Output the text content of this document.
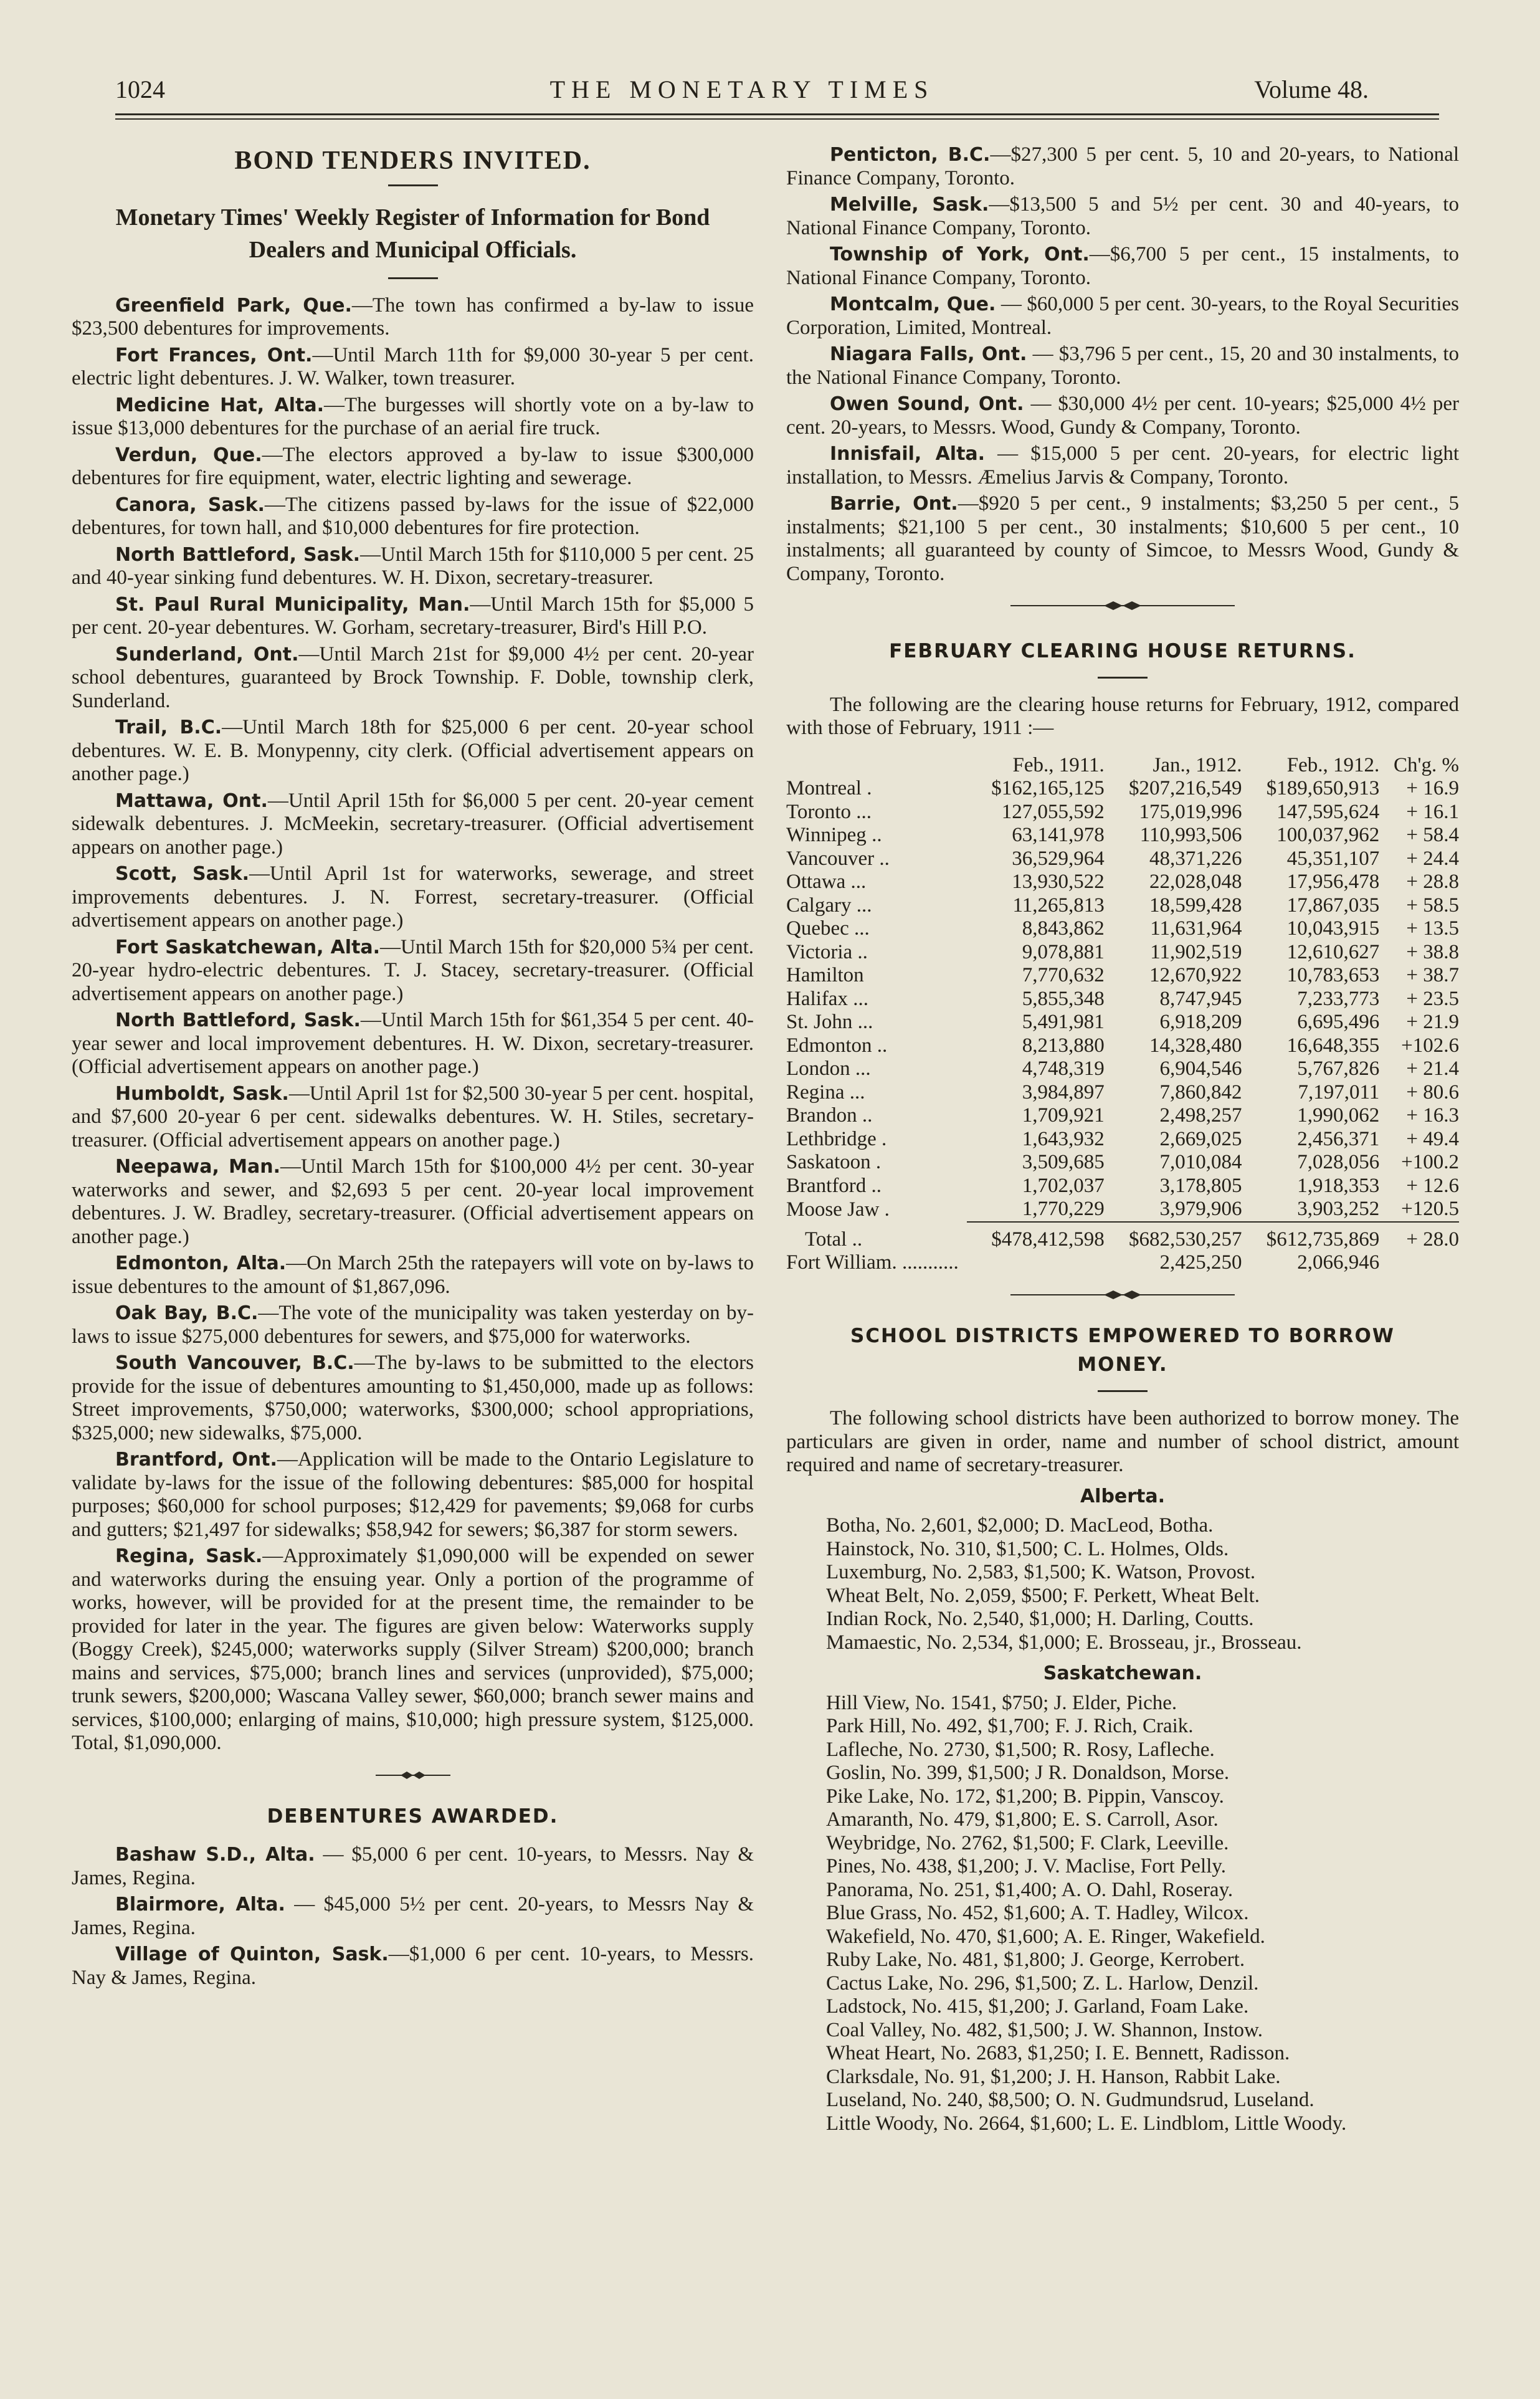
1024	THE MONETARY TIMES	Volume 48.
BOND TENDERS INVITED.
Monetary Times' Weekly Register of Information for Bond Dealers and Municipal Officials.

Greenfield Park, Que.—The town has confirmed a by-law to issue $23,500 debentures for improvements.

Fort Frances, Ont.—Until March 11th for $9,000 30-year 5 per cent. electric light debentures. J. W. Walker, town treasurer.

Medicine Hat, Alta.—The burgesses will shortly vote on a by-law to issue $13,000 debentures for the purchase of an aerial fire truck.

Verdun, Que.—The electors approved a by-law to issue $300,000 debentures for fire equipment, water, electric lighting and sewerage.

Canora, Sask.—The citizens passed by-laws for the issue of $22,000 debentures, for town hall, and $10,000 debentures for fire protection.

North Battleford, Sask.—Until March 15th for $110,000 5 per cent. 25 and 40-year sinking fund debentures. W. H. Dixon, secretary-treasurer.

St. Paul Rural Municipality, Man.—Until March 15th for $5,000 5 per cent. 20-year debentures. W. Gorham, secretary-treasurer, Bird's Hill P.O.

Sunderland, Ont.—Until March 21st for $9,000 4½ per cent. 20-year school debentures, guaranteed by Brock Township. F. Doble, township clerk, Sunderland.

Trail, B.C.—Until March 18th for $25,000 6 per cent. 20-year school debentures. W. E. B. Monypenny, city clerk. (Official advertisement appears on another page.)

Mattawa, Ont.—Until April 15th for $6,000 5 per cent. 20-year cement sidewalk debentures. J. McMeekin, secretary-treasurer. (Official advertisement appears on another page.)

Scott, Sask.—Until April 1st for waterworks, sewerage, and street improvements debentures. J. N. Forrest, secretary-treasurer. (Official advertisement appears on another page.)

Fort Saskatchewan, Alta.—Until March 15th for $20,000 5¾ per cent. 20-year hydro-electric debentures. T. J. Stacey, secretary-treasurer. (Official advertisement appears on another page.)

North Battleford, Sask.—Until March 15th for $61,354 5 per cent. 40-year sewer and local improvement debentures. H. W. Dixon, secretary-treasurer. (Official advertisement appears on another page.)

Humboldt, Sask.—Until April 1st for $2,500 30-year 5 per cent. hospital, and $7,600 20-year 6 per cent. sidewalks debentures. W. H. Stiles, secretary-treasurer. (Official advertisement appears on another page.)

Neepawa, Man.—Until March 15th for $100,000 4½ per cent. 30-year waterworks and sewer, and $2,693 5 per cent. 20-year local improvement debentures. J. W. Bradley, secretary-treasurer. (Official advertisement appears on another page.)

Edmonton, Alta.—On March 25th the ratepayers will vote on by-laws to issue debentures to the amount of $1,867,096.

Oak Bay, B.C.—The vote of the municipality was taken yesterday on by-laws to issue $275,000 debentures for sewers, and $75,000 for waterworks.

South Vancouver, B.C.—The by-laws to be submitted to the electors provide for the issue of debentures amounting to $1,450,000, made up as follows: Street improvements, $750,000; waterworks, $300,000; school appropriations, $325,000; new sidewalks, $75,000.

Brantford, Ont.—Application will be made to the Ontario Legislature to validate by-laws for the issue of the following debentures: $85,000 for hospital purposes; $60,000 for school purposes; $12,429 for pavements; $9,068 for curbs and gutters; $21,497 for sidewalks; $58,942 for sewers; $6,387 for storm sewers.

Regina, Sask.—Approximately $1,090,000 will be expended on sewer and waterworks during the ensuing year. Only a portion of the programme of works, however, will be provided for at the present time, the remainder to be provided for later in the year. The figures are given below: Waterworks supply (Boggy Creek), $245,000; waterworks supply (Silver Stream) $200,000; branch mains and services, $75,000; branch lines and services (unprovided), $75,000; trunk sewers, $200,000; Wascana Valley sewer, $60,000; branch sewer mains and services, $100,000; enlarging of mains, $10,000; high pressure system, $125,000. Total, $1,090,000.

DEBENTURES AWARDED.

Bashaw S.D., Alta. — $5,000 6 per cent. 10-years, to Messrs. Nay & James, Regina.

Blairmore, Alta. — $45,000 5½ per cent. 20-years, to Messrs Nay & James, Regina.

Village of Quinton, Sask.—$1,000 6 per cent. 10-years, to Messrs. Nay & James, Regina.

Penticton, B.C.—$27,300 5 per cent. 5, 10 and 20-years, to National Finance Company, Toronto.

Melville, Sask.—$13,500 5 and 5½ per cent. 30 and 40-years, to National Finance Company, Toronto.

Township of York, Ont.—$6,700 5 per cent., 15 instalments, to National Finance Company, Toronto.

Montcalm, Que. — $60,000 5 per cent. 30-years, to the Royal Securities Corporation, Limited, Montreal.

Niagara Falls, Ont. — $3,796 5 per cent., 15, 20 and 30 instalments, to the National Finance Company, Toronto.

Owen Sound, Ont. — $30,000 4½ per cent. 10-years; $25,000 4½ per cent. 20-years, to Messrs. Wood, Gundy & Company, Toronto.

Innisfail, Alta. — $15,000 5 per cent. 20-years, for electric light installation, to Messrs. Æmelius Jarvis & Company, Toronto.

Barrie, Ont.—$920 5 per cent., 9 instalments; $3,250 5 per cent., 5 instalments; $21,100 5 per cent., 30 instalments; $10,600 5 per cent., 10 instalments; all guaranteed by county of Simcoe, to Messrs Wood, Gundy & Company, Toronto.

FEBRUARY CLEARING HOUSE RETURNS.

The following are the clearing house returns for February, 1912, compared with those of February, 1911 :—

	Feb., 1911.	Jan., 1912.	Feb., 1912.	Ch'g. %
Montreal .	$162,165,125	$207,216,549	$189,650,913	+ 16.9
Toronto ...	127,055,592	175,019,996	147,595,624	+ 16.1
Winnipeg ..	63,141,978	110,993,506	100,037,962	+ 58.4
Vancouver ..	36,529,964	48,371,226	45,351,107	+ 24.4
Ottawa ...	13,930,522	22,028,048	17,956,478	+ 28.8
Calgary ...	11,265,813	18,599,428	17,867,035	+ 58.5
Quebec ...	8,843,862	11,631,964	10,043,915	+ 13.5
Victoria ..	9,078,881	11,902,519	12,610,627	+ 38.8
Hamilton	7,770,632	12,670,922	10,783,653	+ 38.7
Halifax ...	5,855,348	8,747,945	7,233,773	+ 23.5
St. John ...	5,491,981	6,918,209	6,695,496	+ 21.9
Edmonton ..	8,213,880	14,328,480	16,648,355	+102.6
London ...	4,748,319	6,904,546	5,767,826	+ 21.4
Regina ...	3,984,897	7,860,842	7,197,011	+ 80.6
Brandon ..	1,709,921	2,498,257	1,990,062	+ 16.3
Lethbridge .	1,643,932	2,669,025	2,456,371	+ 49.4
Saskatoon .	3,509,685	7,010,084	7,028,056	+100.2
Brantford ..	1,702,037	3,178,805	1,918,353	+ 12.6
Moose Jaw .	1,770,229	3,979,906	3,903,252	+120.5

Total ..	$478,412,598	$682,530,257	$612,735,869	+ 28.0
Fort William. ...........		2,425,250	2,066,946	
SCHOOL DISTRICTS EMPOWERED TO BORROW MONEY.

The following school districts have been authorized to borrow money. The particulars are given in order, name and number of school district, amount required and name of secretary-treasurer.

Alberta.
Botha, No. 2,601, $2,000; D. MacLeod, Botha.
Hainstock, No. 310, $1,500; C. L. Holmes, Olds.
Luxemburg, No. 2,583, $1,500; K. Watson, Provost.
Wheat Belt, No. 2,059, $500; F. Perkett, Wheat Belt.
Indian Rock, No. 2,540, $1,000; H. Darling, Coutts.
Mamaestic, No. 2,534, $1,000; E. Brosseau, jr., Brosseau.
Saskatchewan.
Hill View, No. 1541, $750; J. Elder, Piche.
Park Hill, No. 492, $1,700; F. J. Rich, Craik.
Lafleche, No. 2730, $1,500; R. Rosy, Lafleche.
Goslin, No. 399, $1,500; J R. Donaldson, Morse.
Pike Lake, No. 172, $1,200; B. Pippin, Vanscoy.
Amaranth, No. 479, $1,800; E. S. Carroll, Asor.
Weybridge, No. 2762, $1,500; F. Clark, Leeville.
Pines, No. 438, $1,200; J. V. Maclise, Fort Pelly.
Panorama, No. 251, $1,400; A. O. Dahl, Roseray.
Blue Grass, No. 452, $1,600; A. T. Hadley, Wilcox.
Wakefield, No. 470, $1,600; A. E. Ringer, Wakefield.
Ruby Lake, No. 481, $1,800; J. George, Kerrobert.
Cactus Lake, No. 296, $1,500; Z. L. Harlow, Denzil.
Ladstock, No. 415, $1,200; J. Garland, Foam Lake.
Coal Valley, No. 482, $1,500; J. W. Shannon, Instow.
Wheat Heart, No. 2683, $1,250; I. E. Bennett, Radisson.
Clarksdale, No. 91, $1,200; J. H. Hanson, Rabbit Lake.
Luseland, No. 240, $8,500; O. N. Gudmundsrud, Luseland.
Little Woody, No. 2664, $1,600; L. E. Lindblom, Little Woody.
